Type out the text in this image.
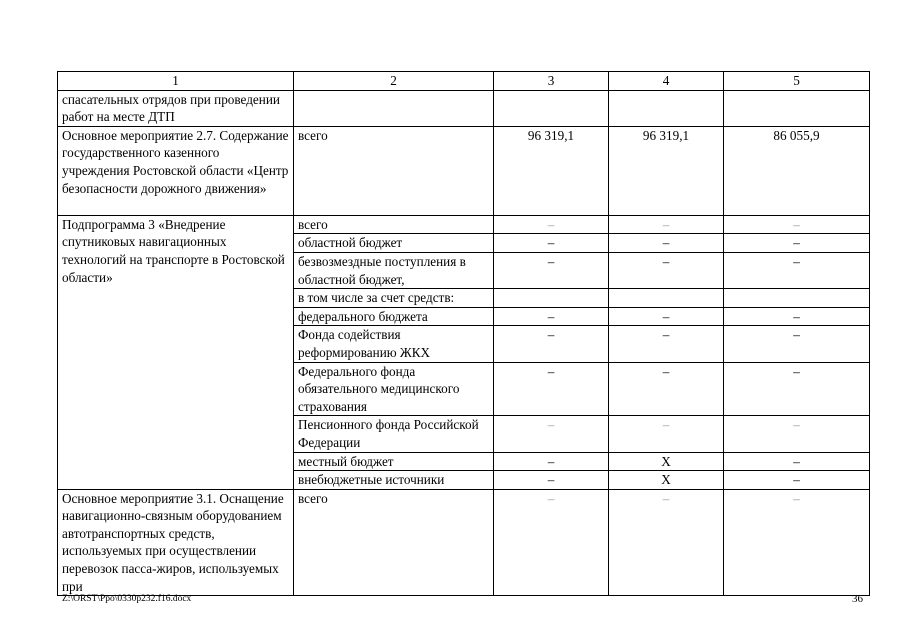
1	2	3	4	5
спасательных отрядов при проведении работ на месте ДТП				
Основное мероприятие 2.7. Содержание государственного казенного учреждения Ростовской области «Центр безопасности дорожного движения»	всего	96 319,1	96 319,1	86 055,9
Подпрограмма 3 «Внедрение спутниковых навигационных технологий на транспорте в Ростовской области»	всего	–	–	–
	областной бюджет	–	–	–
	безвозмездные поступления в областной бюджет,	–	–	–
	в том числе за счет средств:			
	федерального бюджета	–	–	–
	Фонда содействия реформированию ЖКХ	–	–	–
	Федерального фонда обязательного медицинского страхования	–	–	–
	Пенсионного фонда Российской Федерации	–	–	–
	местный бюджет	–	Х	–
	внебюджетные источники	–	Х	–
Основное мероприятие 3.1. Оснащение навигационно-связным оборудованием автотранспортных средств, используемых при осуществлении перевозок пасса-жиров, используемых при	всего	–	–	–
Z:\ORST\Ppo\0330p232.f16.docx	36
